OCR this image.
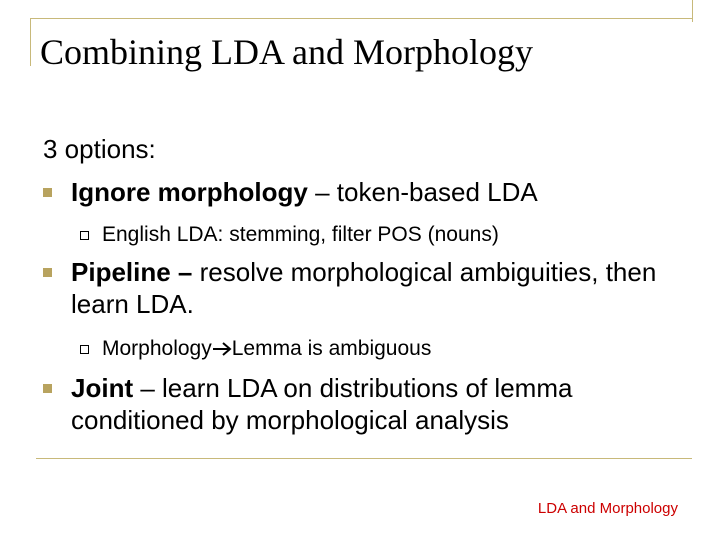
Combining LDA and Morphology
3 options:
Ignore morphology – token-based LDA
English LDA: stemming, filter POS (nouns)
Pipeline – resolve morphological ambiguities, then learn LDA.
Morphology Lemma is ambiguous
Joint – learn LDA on distributions of lemma conditioned by morphological analysis
LDA and Morphology
